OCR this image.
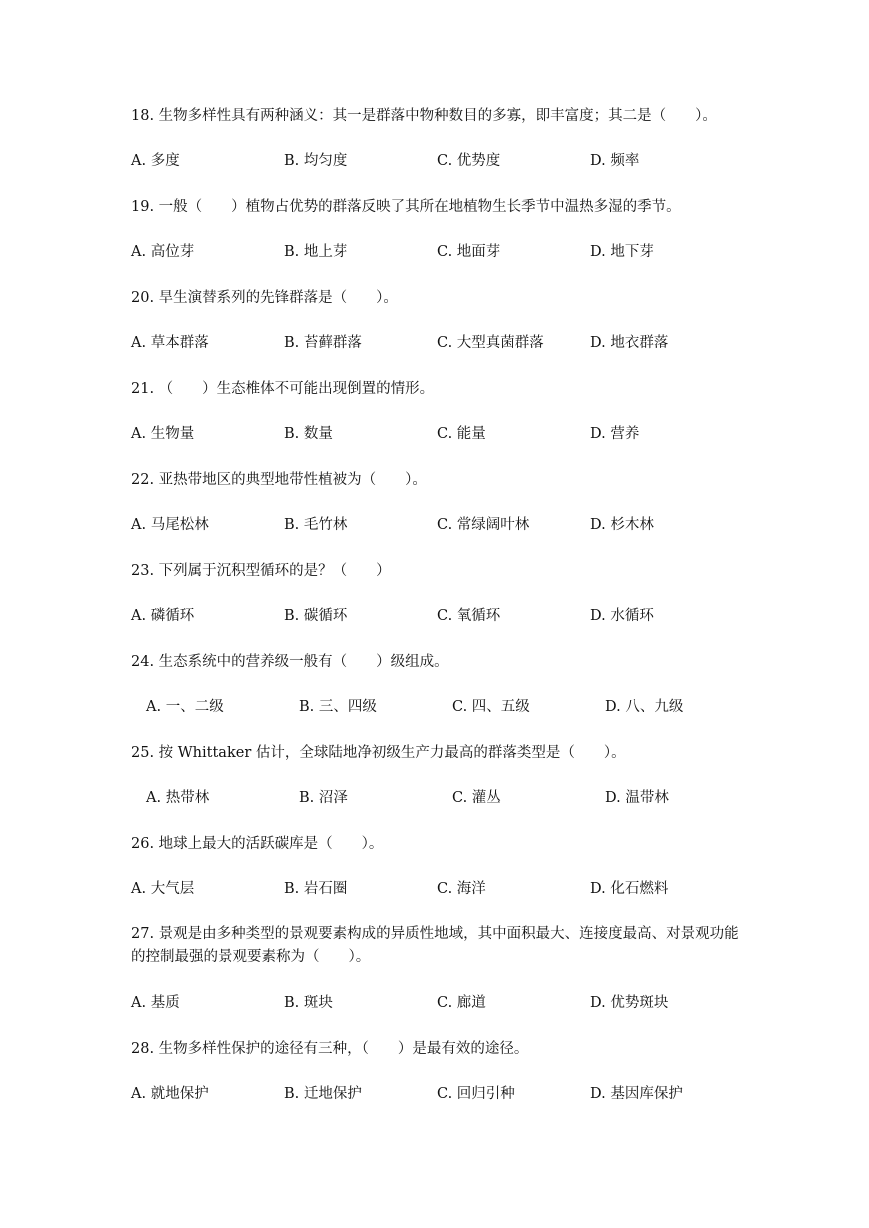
18. 生物多样性具有两种涵义：其一是群落中物种数目的多寡，即丰富度；其二是（　　）。
A. 多度	B. 均匀度	C. 优势度	D. 频率
19. 一般（　　）植物占优势的群落反映了其所在地植物生长季节中温热多湿的季节。
A. 高位芽	B. 地上芽	C. 地面芽	D. 地下芽
20. 旱生演替系列的先锋群落是（　　）。
A. 草本群落	B. 苔藓群落	C. 大型真菌群落	D. 地衣群落
21. （　　）生态椎体不可能出现倒置的情形。
A. 生物量	B. 数量	C. 能量	D. 营养
22. 亚热带地区的典型地带性植被为（　　）。
A. 马尾松林	B. 毛竹林	C. 常绿阔叶林	D. 杉木林
23. 下列属于沉积型循环的是？（　　）
A. 磷循环	B. 碳循环	C. 氧循环	D. 水循环
24. 生态系统中的营养级一般有（　　）级组成。
A. 一、二级	B. 三、四级	C. 四、五级	D. 八、九级
25. 按 Whittaker 估计，全球陆地净初级生产力最高的群落类型是（　　）。
A. 热带林	B. 沼泽	C. 灌丛	D. 温带林
26. 地球上最大的活跃碳库是（　　）。
A. 大气层	B. 岩石圈	C. 海洋	D. 化石燃料
27. 景观是由多种类型的景观要素构成的异质性地域，其中面积最大、连接度最高、对景观功能的控制最强的景观要素称为（　　）。
A. 基质	B. 斑块	C. 廊道	D. 优势斑块
28. 生物多样性保护的途径有三种，（　　）是最有效的途径。
A. 就地保护	B. 迁地保护	C. 回归引种	D. 基因库保护
